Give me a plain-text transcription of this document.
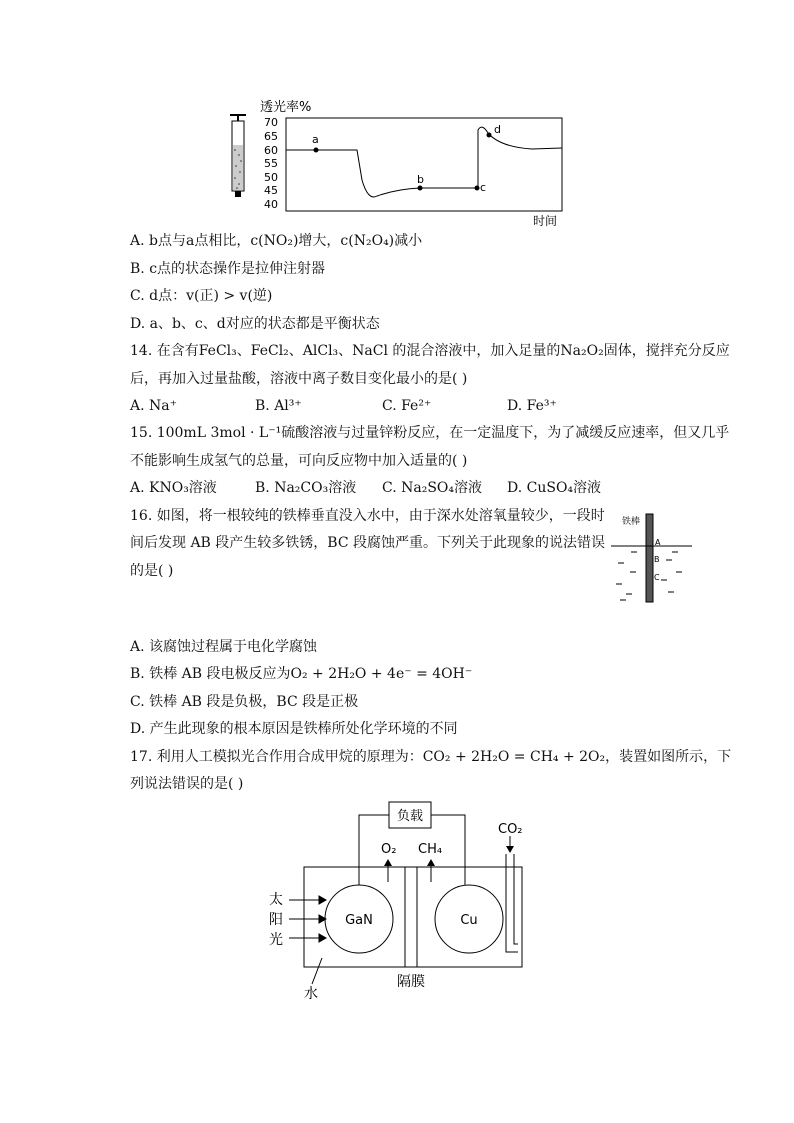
透光率%
70
65
60
55
50
45
40
a
b
c
d
时间
A. b点与a点相比，c(NO₂)增大，c(N₂O₄)减小
B. c点的状态操作是拉伸注射器
C. d点：v(正) > v(逆)
D. a、b、c、d对应的状态都是平衡状态
14. 在含有FeCl₃、FeCl₂、AlCl₃、NaCl 的混合溶液中，加入足量的Na₂O₂固体，搅拌充分反应
后，再加入过量盐酸，溶液中离子数目变化最小的是( )
A. Na⁺	B. Al³⁺	C. Fe²⁺	D. Fe³⁺
15. 100mL 3mol · L⁻¹硫酸溶液与过量锌粉反应，在一定温度下，为了减缓反应速率，但又几乎
不能影响生成氢气的总量，可向反应物中加入适量的( )
A. KNO₃溶液	B. Na₂CO₃溶液 C. Na₂SO₄溶液 D. CuSO₄溶液
16. 如图，将一根较纯的铁棒垂直没入水中，由于深水处溶氧量较少，一段时
间后发现 AB 段产生较多铁锈，BC 段腐蚀严重。下列关于此现象的说法错误
的是( )
铁棒
A
B
C
A. 该腐蚀过程属于电化学腐蚀
B. 铁棒 AB 段电极反应为O₂ + 2H₂O + 4e⁻ = 4OH⁻
C. 铁棒 AB 段是负极，BC 段是正极
D. 产生此现象的根本原因是铁棒所处化学环境的不同
17. 利用人工模拟光合作用合成甲烷的原理为：CO₂ + 2H₂O = CH₄ + 2O₂，装置如图所示，下
列说法错误的是( )
负载
GaN	Cu
O₂ CH₄
CO₂
太
阳
光
水
隔膜
